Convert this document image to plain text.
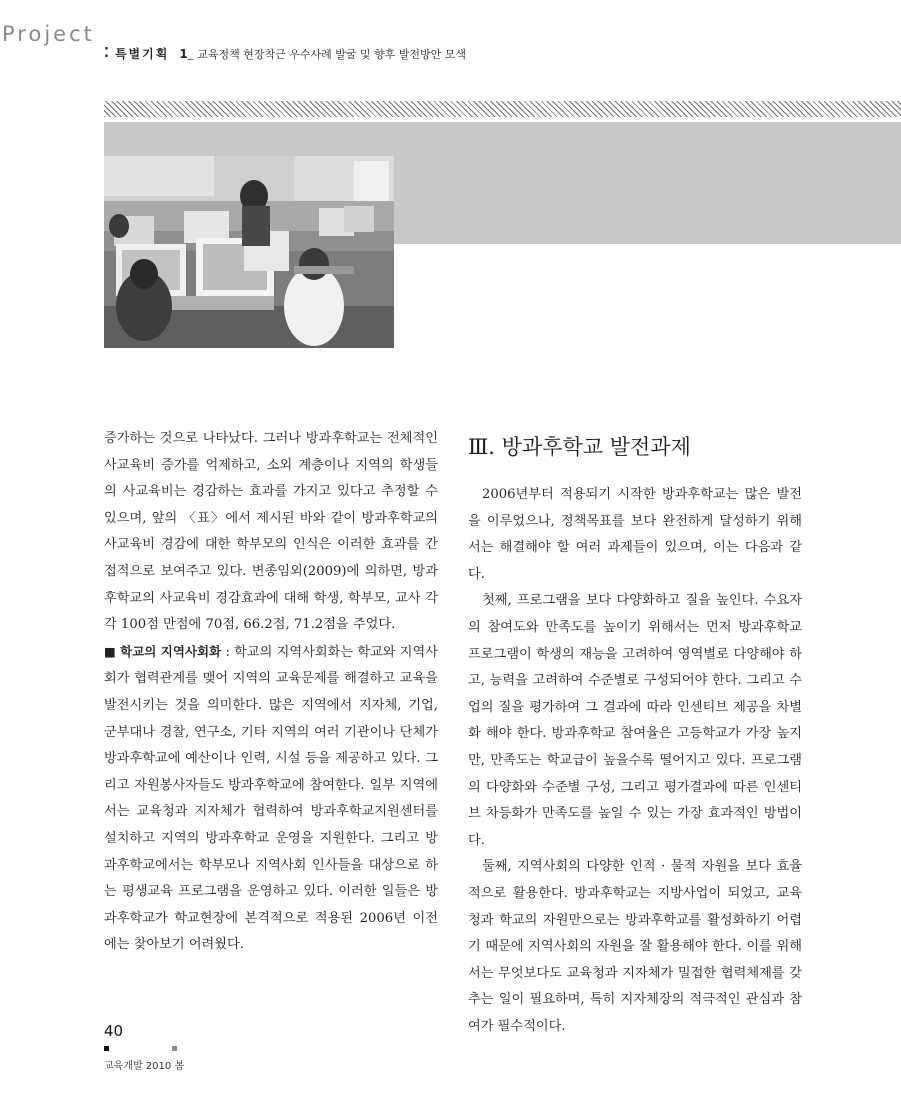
Project
⁚ 특별기획 1 _ 교육정책 현장착근 우수사례 발굴 및 향후 발전방안 모색

증가하는 것으로 나타났다. 그러나 방과후학교는 전체적인 사교육비 증가를 억제하고, 소외 계층이나 지역의 학생들의 사교육비는 경감하는 효과를 가지고 있다고 추정할 수 있으며, 앞의 〈표〉에서 제시된 바와 같이 방과후학교의 사교육비 경감에 대한 학부모의 인식은 이러한 효과를 간접적으로 보여주고 있다. 변종임외(2009)에 의하면, 방과후학교의 사교육비 경감효과에 대해 학생, 학부모, 교사 각각 100점 만점에 70점, 66.2점, 71.2점을 주었다.

■ 학교의 지역사회화 : 학교의 지역사회화는 학교와 지역사회가 협력관계를 맺어 지역의 교육문제를 해결하고 교육을 발전시키는 것을 의미한다. 많은 지역에서 지자체, 기업, 군부대나 경찰, 연구소, 기타 지역의 여러 기관이나 단체가 방과후학교에 예산이나 인력, 시설 등을 제공하고 있다. 그리고 자원봉사자들도 방과후학교에 참여한다. 일부 지역에서는 교육청과 지자체가 협력하여 방과후학교지원센터를 설치하고 지역의 방과후학교 운영을 지원한다. 그리고 방과후학교에서는 학부모나 지역사회 인사들을 대상으로 하는 평생교육 프로그램을 운영하고 있다. 이러한 일들은 방과후학교가 학교현장에 본격적으로 적용된 2006년 이전에는 찾아보기 어려웠다.

Ⅲ. 방과후학교 발전과제

2006년부터 적용되기 시작한 방과후학교는 많은 발전을 이루었으나, 정책목표를 보다 완전하게 달성하기 위해서는 해결해야 할 여러 과제들이 있으며, 이는 다음과 같다.

첫째, 프로그램을 보다 다양화하고 질을 높인다. 수요자의 참여도와 만족도를 높이기 위해서는 먼저 방과후학교 프로그램이 학생의 재능을 고려하여 영역별로 다양해야 하고, 능력을 고려하여 수준별로 구성되어야 한다. 그리고 수업의 질을 평가하여 그 결과에 따라 인센티브 제공을 차별화 해야 한다. 방과후학교 참여율은 고등학교가 가장 높지만, 만족도는 학교급이 높을수록 떨어지고 있다. 프로그램의 다양화와 수준별 구성, 그리고 평가결과에 따른 인센티브 차등화가 만족도를 높일 수 있는 가장 효과적인 방법이다.

둘째, 지역사회의 다양한 인적 · 물적 자원을 보다 효율적으로 활용한다. 방과후학교는 지방사업이 되었고, 교육청과 학교의 자원만으로는 방과후학교를 활성화하기 어렵기 때문에 지역사회의 자원을 잘 활용해야 한다. 이를 위해서는 무엇보다도 교육청과 지자체가 밀접한 협력체제를 갖추는 일이 필요하며, 특히 지자체장의 적극적인 관심과 참여가 필수적이다.

40
교육개발 2010 봄
